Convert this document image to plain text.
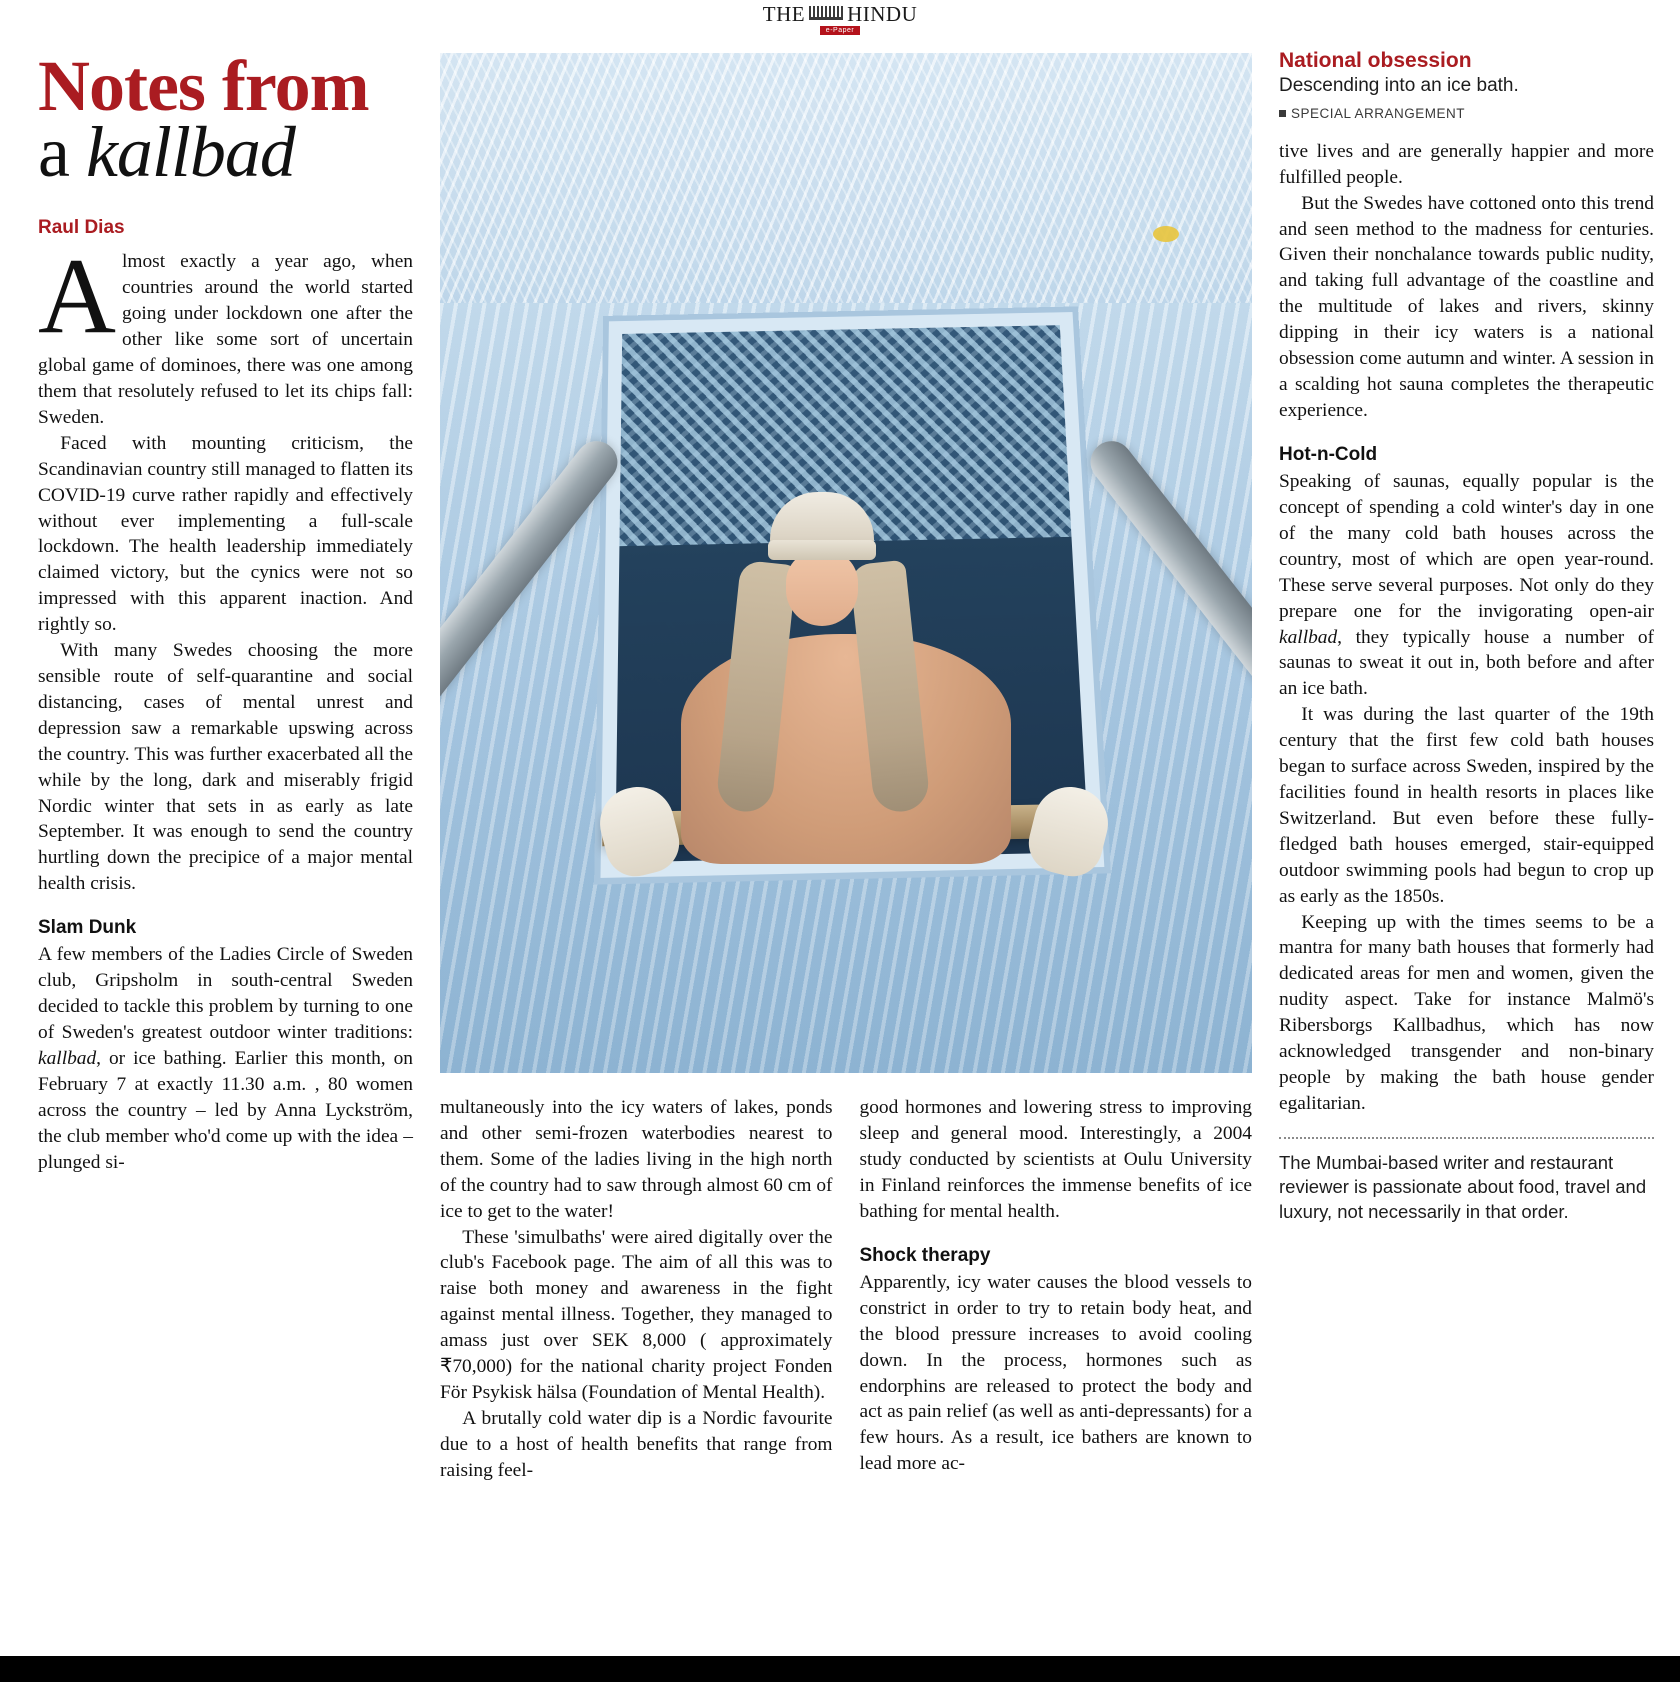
THE HINDU
e-Paper
Notes from
a kallbad
Raul Dias

Almost exactly a year ago, when countries around the world started going under lockdown one after the other like some sort of uncertain global game of dominoes, there was one among them that resolutely refused to let its chips fall: Sweden.

Faced with mounting criticism, the Scandinavian country still managed to flatten its COVID-19 curve rather rapidly and effectively without ever implementing a full-scale lockdown. The health leadership immediately claimed victory, but the cynics were not so impressed with this apparent inaction. And rightly so.

With many Swedes choosing the more sensible route of self-quarantine and social distancing, cases of mental unrest and depression saw a remarkable upswing across the country. This was further exacerbated all the while by the long, dark and miserably frigid Nordic winter that sets in as early as late September. It was enough to send the country hurtling down the precipice of a major mental health crisis.

Slam Dunk

A few members of the Ladies Circle of Sweden club, Gripsholm in south-central Sweden decided to tackle this problem by turning to one of Sweden's greatest outdoor winter traditions: kallbad, or ice bathing. Earlier this month, on February 7 at exactly 11.30 a.m. , 80 women across the country – led by Anna Lyckström, the club member who'd come up with the idea – plunged si-

multaneously into the icy waters of lakes, ponds and other semi-frozen waterbodies nearest to them. Some of the ladies living in the high north of the country had to saw through almost 60 cm of ice to get to the water!

These 'simulbaths' were aired digitally over the club's Facebook page. The aim of all this was to raise both money and awareness in the fight against mental illness. Together, they managed to amass just over SEK 8,000 ( approximately ₹70,000) for the national charity project Fonden För Psykisk hälsa (Foundation of Mental Health).

A brutally cold water dip is a Nordic favourite due to a host of health benefits that range from raising feel-

good hormones and lowering stress to improving sleep and general mood. Interestingly, a 2004 study conducted by scientists at Oulu University in Finland reinforces the immense benefits of ice bathing for mental health.

Shock therapy

Apparently, icy water causes the blood vessels to constrict in order to try to retain body heat, and the blood pressure increases to avoid cooling down. In the process, hormones such as endorphins are released to protect the body and act as pain relief (as well as anti-depressants) for a few hours. As a result, ice bathers are known to lead more ac-

National obsession
Descending into an ice bath.
SPECIAL ARRANGEMENT

tive lives and are generally happier and more fulfilled people.

But the Swedes have cottoned onto this trend and seen method to the madness for centuries. Given their nonchalance towards public nudity, and taking full advantage of the coastline and the multitude of lakes and rivers, skinny dipping in their icy waters is a national obsession come autumn and winter. A session in a scalding hot sauna completes the therapeutic experience.

Hot-n-Cold

Speaking of saunas, equally popular is the concept of spending a cold winter's day in one of the many cold bath houses across the country, most of which are open year-round. These serve several purposes. Not only do they prepare one for the invigorating open-air kallbad, they typically house a number of saunas to sweat it out in, both before and after an ice bath.

It was during the last quarter of the 19th century that the first few cold bath houses began to surface across Sweden, inspired by the facilities found in health resorts in places like Switzerland. But even before these fully-fledged bath houses emerged, stair-equipped outdoor swimming pools had begun to crop up as early as the 1850s.

Keeping up with the times seems to be a mantra for many bath houses that formerly had dedicated areas for men and women, given the nudity aspect. Take for instance Malmö's Ribersborgs Kallbadhus, which has now acknowledged transgender and non-binary people by making the bath house gender egalitarian.

The Mumbai-based writer and restaurant reviewer is passionate about food, travel and luxury, not necessarily in that order.
